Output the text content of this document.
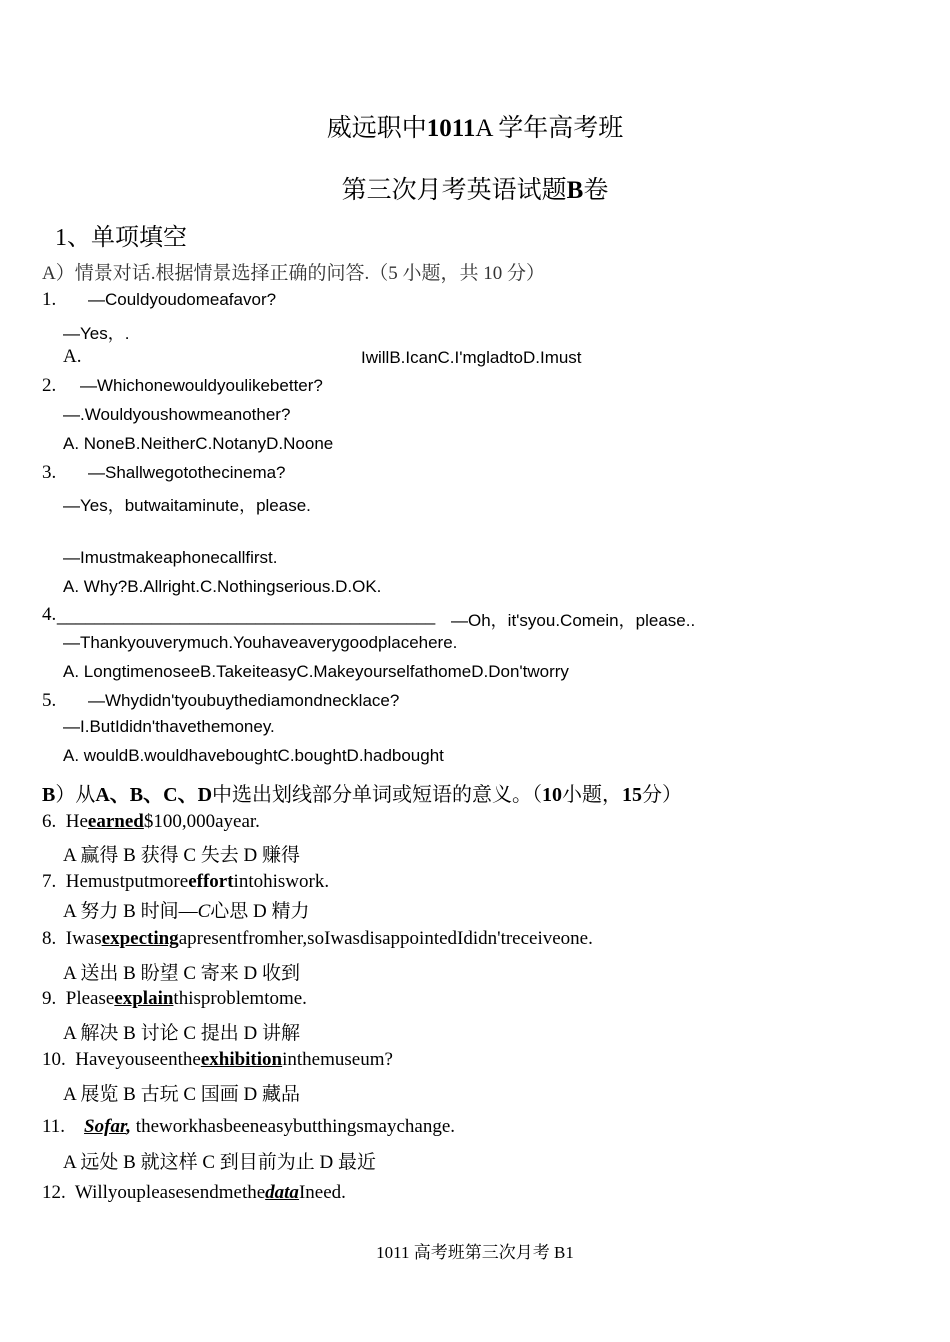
威远职中1011A 学年高考班
第三次月考英语试题B卷
1、单项填空
A）情景对话.根据情景选择正确的问答.（5 小题，共 10 分）
1. —Couldyoudomeafavor?
—Yes，.
A.	IwillB.IcanC.I'mgladtoD.Imust
2. —Whichonewouldyoulikebetter?
—.Wouldyoushowmeanother?
A. NoneB.NeitherC.NotanyD.Noone
3. —Shallwegotothecinema?
—Yes，butwaitaminute，please.
—Imustmakeaphonecallfirst.
A. Why?B.Allright.C.Nothingserious.D.OK.
4. ________________________________________ —Oh，it'syou.Comein，please..
—Thankyouverymuch.Youhaveaverygoodplacehere.
A. LongtimenoseeB.TakeiteasyC.MakeyourselfathomeD.Don'tworry
5. —Whydidn'tyoubuythediamondnecklace?
—I.ButIdidn'thavethemoney.
A. wouldB.wouldhaveboughtC.boughtD.hadbought
B）从A、B、C、D中选出划线部分单词或短语的意义。（10小题，15分）
6. Heearned$100,000ayear.
A 赢得 B 获得 C 失去 D 赚得
7. Hemustputmoreeffortintohiswork.
A 努力 B 时间—C心思 D 精力
8. Iwasexpectingapresentfromher,soIwasdisappointedIdidn'treceiveone.
A 送出 B 盼望 C 寄来 D 收到
9. Pleaseexplainthisproblemtome.
A 解决 B 讨论 C 提出 D 讲解
10. Haveyouseentheexhibitioninthemuseum?
A 展览 B 古玩 C 国画 D 藏品
11. Sofar, theworkhasbeeneasybutthingsmaychange.
A 远处 B 就这样 C 到目前为止 D 最近
12. WillyoupleasesendmethedataIneed.
1011 高考班第三次月考 B1
